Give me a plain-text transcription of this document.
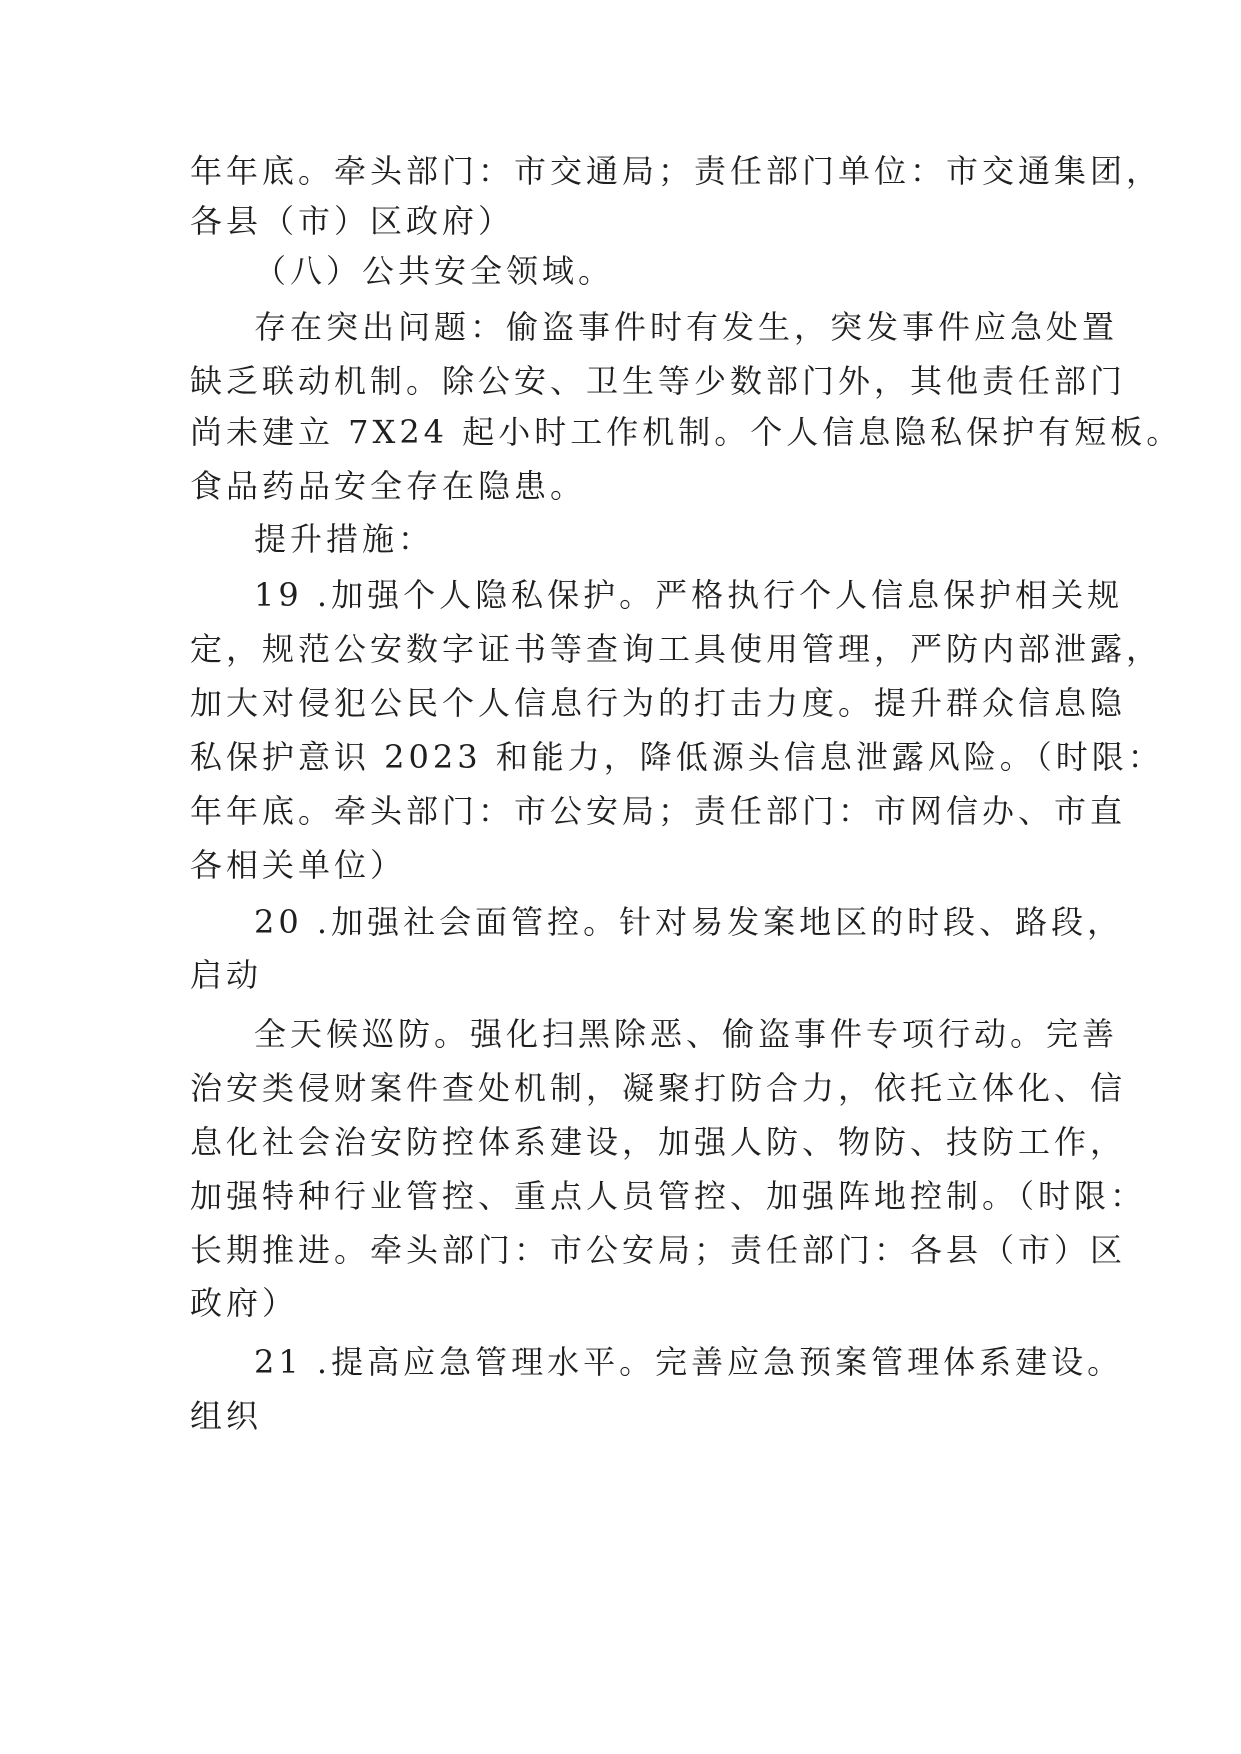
年年底。牵头部门：市交通局；责任部门单位：市交通集团，
各县（市）区政府）
（八）公共安全领域。
存在突出问题：偷盗事件时有发生，突发事件应急处置
缺乏联动机制。除公安、卫生等少数部门外，其他责任部门
尚未建立 7X24 起小时工作机制。个人信息隐私保护有短板。
食品药品安全存在隐患。
提升措施：
19 .加强个人隐私保护。严格执行个人信息保护相关规
定，规范公安数字证书等查询工具使用管理，严防内部泄露，
加大对侵犯公民个人信息行为的打击力度。提升群众信息隐
私保护意识 2023 和能力，降低源头信息泄露风险。（时限：
年年底。牵头部门：市公安局；责任部门：市网信办、市直
各相关单位）
20 .加强社会面管控。针对易发案地区的时段、路段，
启动
全天候巡防。强化扫黑除恶、偷盗事件专项行动。完善
治安类侵财案件查处机制，凝聚打防合力，依托立体化、信
息化社会治安防控体系建设，加强人防、物防、技防工作，
加强特种行业管控、重点人员管控、加强阵地控制。（时限：
长期推进。牵头部门：市公安局；责任部门：各县（市）区
政府）
21 .提高应急管理水平。完善应急预案管理体系建设。
组织
